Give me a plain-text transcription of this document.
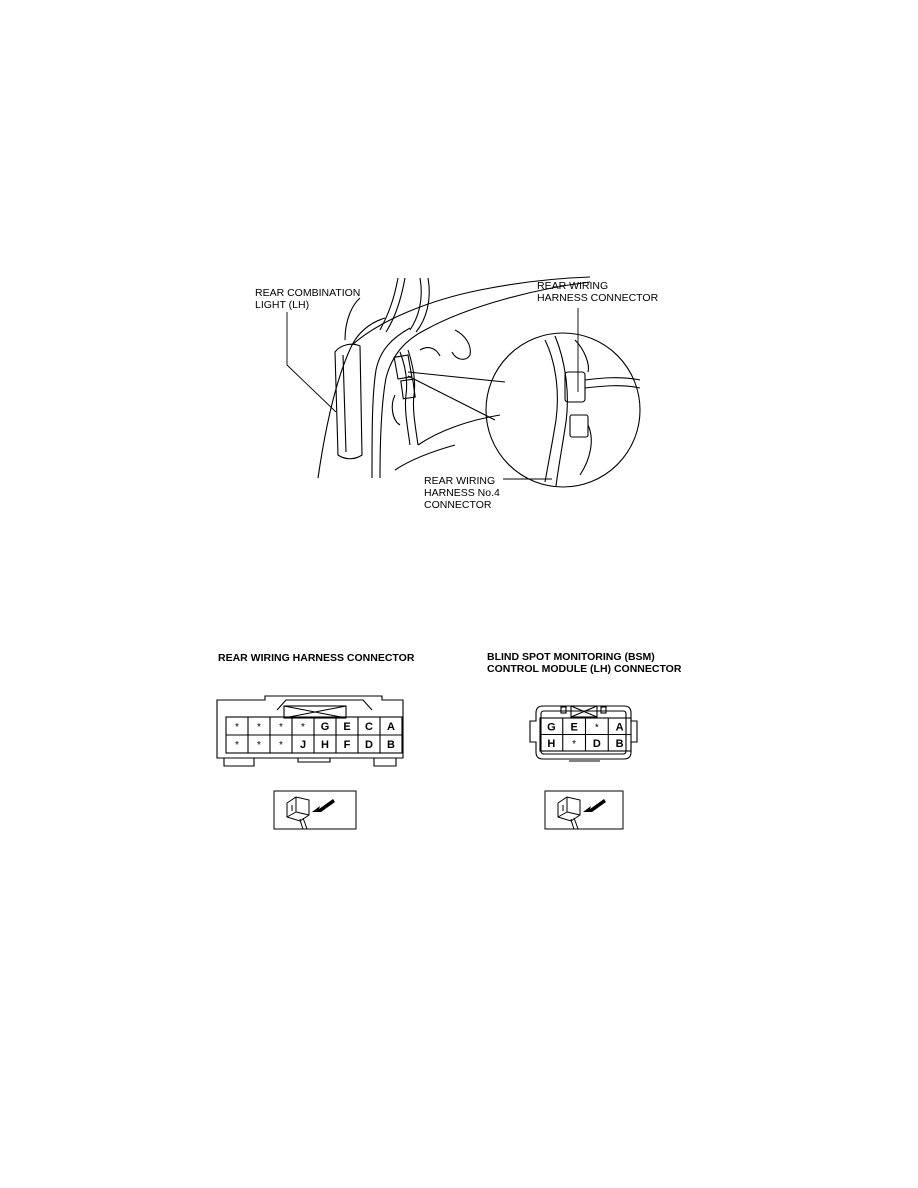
REAR COMBINATION
LIGHT (LH)
REAR WIRING
HARNESS CONNECTOR
REAR WIRING
HARNESS No.4
CONNECTOR
REAR WIRING HARNESS CONNECTOR	BLIND SPOT MONITORING (BSM)
CONTROL MODULE (LH) CONNECTOR
* * * * G E C A
* * * J H F D B
G E * A
H * D B
